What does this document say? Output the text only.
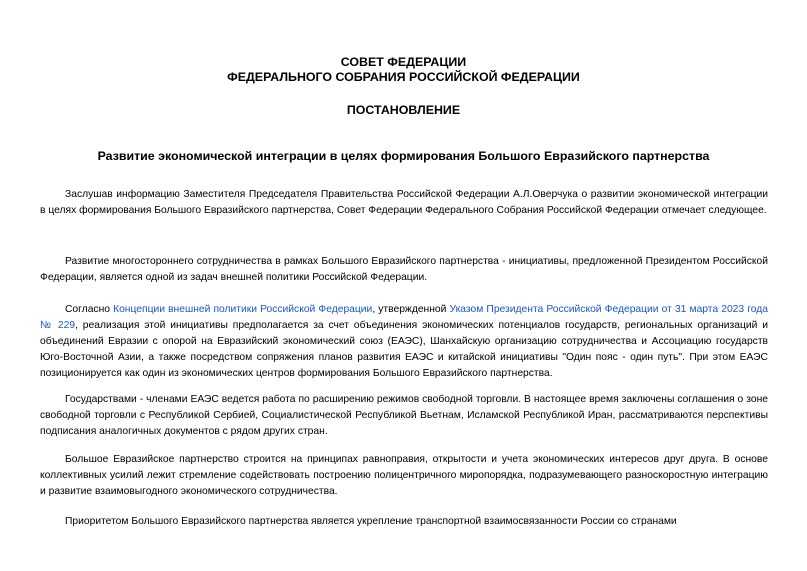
СОВЕТ ФЕДЕРАЦИИ
ФЕДЕРАЛЬНОГО СОБРАНИЯ РОССИЙСКОЙ ФЕДЕРАЦИИ
ПОСТАНОВЛЕНИЕ
Развитие экономической интеграции в целях формирования Большого Евразийского партнерства

Заслушав информацию Заместителя Председателя Правительства Российской Федерации А.Л.Оверчука о развитии экономической интеграции в целях формирования Большого Евразийского партнерства, Совет Федерации Федерального Собрания Российской Федерации отмечает следующее.

Развитие многостороннего сотрудничества в рамках Большого Евразийского партнерства - инициативы, предложенной Президентом Российской Федерации, является одной из задач внешней политики Российской Федерации.

Согласно Концепции внешней политики Российской Федерации, утвержденной Указом Президента Российской Федерации от 31 марта 2023 года № 229, реализация этой инициативы предполагается за счет объединения экономических потенциалов государств, региональных организаций и объединений Евразии с опорой на Евразийский экономический союз (ЕАЭС), Шанхайскую организацию сотрудничества и Ассоциацию государств Юго-Восточной Азии, а также посредством сопряжения планов развития ЕАЭС и китайской инициативы "Один пояс - один путь". При этом ЕАЭС позиционируется как один из экономических центров формирования Большого Евразийского партнерства.

Государствами - членами ЕАЭС ведется работа по расширению режимов свободной торговли. В настоящее время заключены соглашения о зоне свободной торговли с Республикой Сербией, Социалистической Республикой Вьетнам, Исламской Республикой Иран, рассматриваются перспективы подписания аналогичных документов с рядом других стран.

Большое Евразийское партнерство строится на принципах равноправия, открытости и учета экономических интересов друг друга. В основе коллективных усилий лежит стремление содействовать построению полицентричного миропорядка, подразумевающего разноскоростную интеграцию и развитие взаимовыгодного экономического сотрудничества.

Приоритетом Большого Евразийского партнерства является укрепление транспортной взаимосвязанности России со странами
